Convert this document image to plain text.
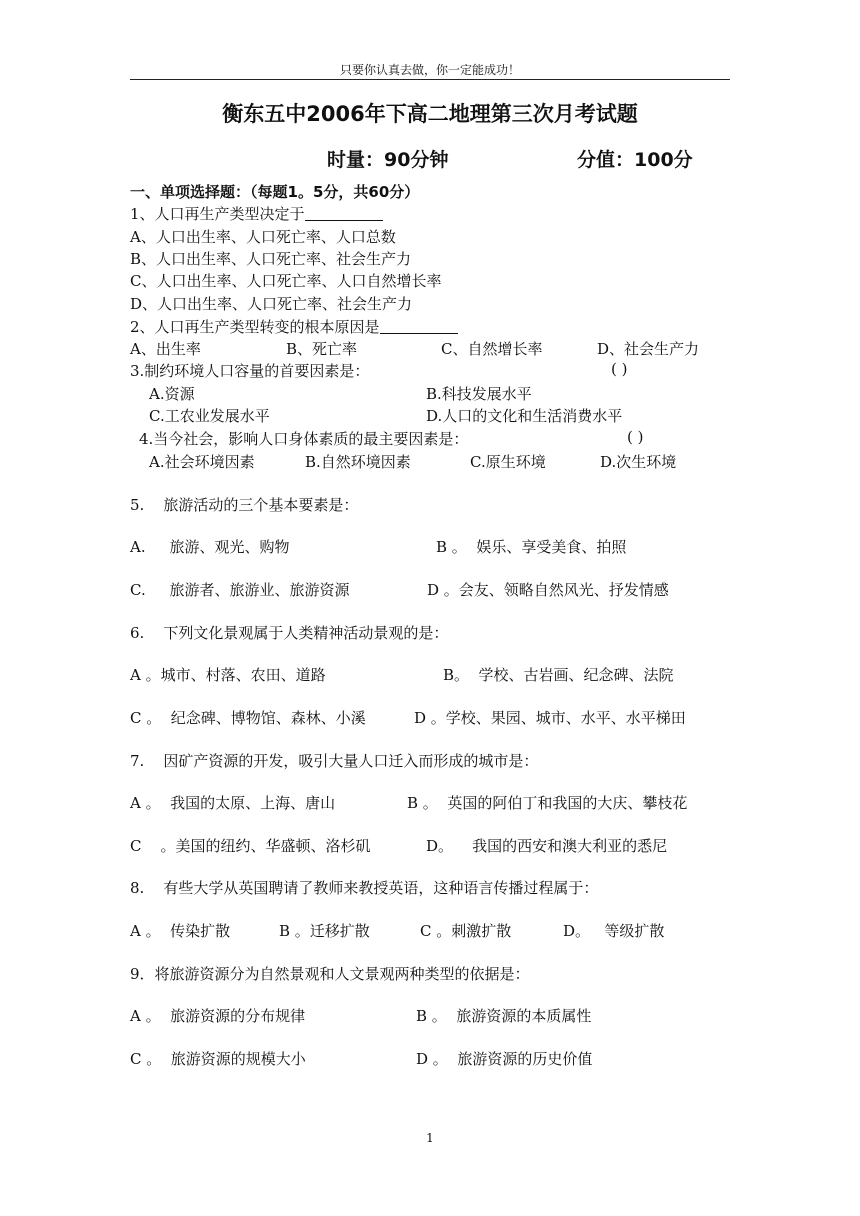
只要你认真去做，你一定能成功！
衡东五中2006年下高二地理第三次月考试题
时量：90分钟	分值：100分
一、单项选择题：（每题1。5分，共60分）
1、人口再生产类型决定于
A、人口出生率、人口死亡率、人口总数
B、人口出生率、人口死亡率、社会生产力
C、人口出生率、人口死亡率、人口自然增长率
D、人口出生率、人口死亡率、社会生产力
2、人口再生产类型转变的根本原因是
A、出生率	B、死亡率	C、自然增长率	D、社会生产力
3.制约环境人口容量的首要因素是：	( )
A.资源	B.科技发展水平
C.工农业发展水平	D.人口的文化和生活消费水平
4.当今社会，影响人口身体素质的最主要因素是：	( )
A.社会环境因素	B.自然环境因素	C.原生环境	D.次生环境
5.    旅游活动的三个基本要素是：
A.     旅游、观光、购物	B 。  娱乐、享受美食、拍照
C.     旅游者、旅游业、旅游资源	D 。会友、领略自然风光、抒发情感
6.    下列文化景观属于人类精神活动景观的是：
A 。城市、村落、农田、道路	B。  学校、古岩画、纪念碑、法院
C 。  纪念碑、博物馆、森林、小溪	D 。学校、果园、城市、水平、水平梯田
7.    因矿产资源的开发，吸引大量人口迁入而形成的城市是：
A 。  我国的太原、上海、唐山	B 。  英国的阿伯丁和我国的大庆、攀枝花
C    。美国的纽约、华盛顿、洛杉矶	D。    我国的西安和澳大利亚的悉尼
8.    有些大学从英国聘请了教师来教授英语，这种语言传播过程属于：
A 。  传染扩散	B 。迁移扩散	C 。刺激扩散	D。   等级扩散
9．将旅游资源分为自然景观和人文景观两种类型的依据是：
A 。  旅游资源的分布规律	B 。  旅游资源的本质属性
C 。  旅游资源的规模大小	D 。  旅游资源的历史价值
1
